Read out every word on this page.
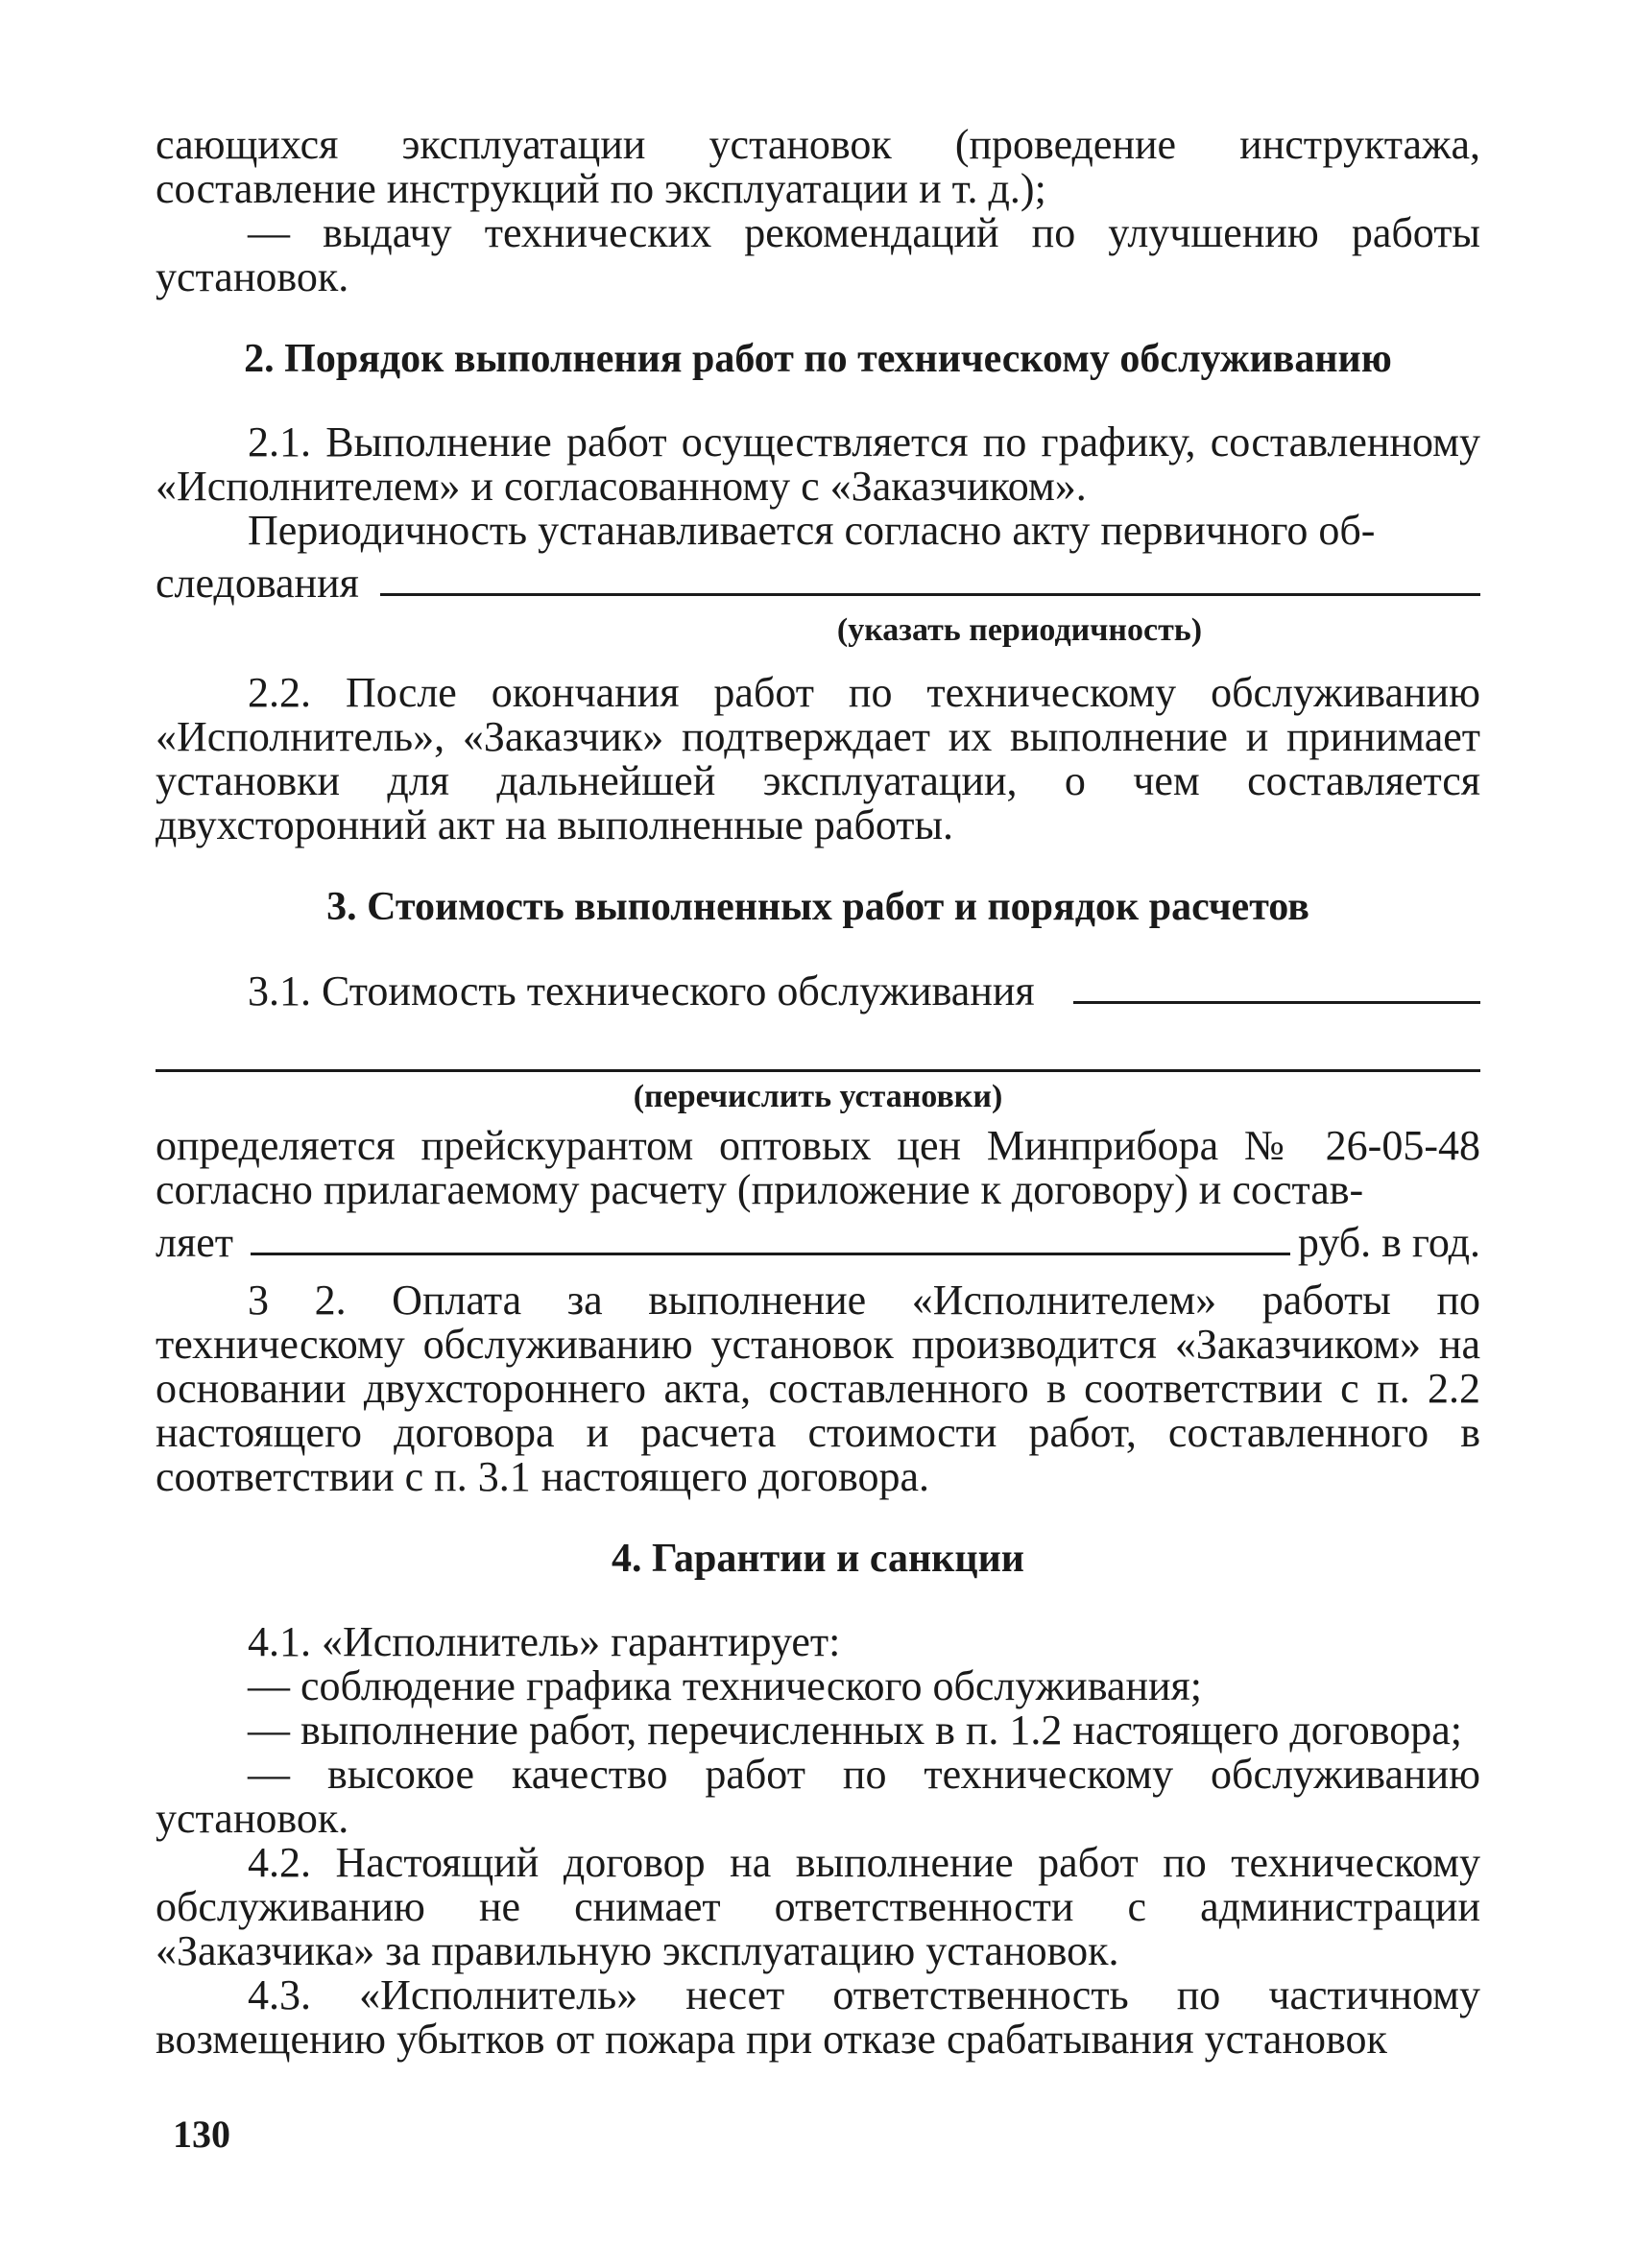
сающихся эксплуатации установок (проведение инструктажа, составление инструкций по эксплуатации и т. д.);

— выдачу технических рекомендаций по улучшению работы установок.

2. Порядок выполнения работ по техническому обслуживанию

2.1. Выполнение работ осуществляется по графику, составленному «Исполнителем» и согласованному с «Заказчиком».

Периодичность устанавливается согласно акту первичного об-

следования
(указать периодичность)

2.2. После окончания работ по техническому обслуживанию «Исполнитель», «Заказчик» подтверждает их выполнение и принимает установки для дальнейшей эксплуатации, о чем составляется двухсторонний акт на выполненные работы.

3. Стоимость выполненных работ и порядок расчетов
3.1. Стоимость технического обслуживания
(перечислить установки)

определяется прейскурантом оптовых цен Минприбора № 26-05-48 согласно прилагаемому расчету (приложение к договору) и состав-

ляет	руб. в год.

3 2. Оплата за выполнение «Исполнителем» работы по техническому обслуживанию установок производится «Заказчиком» на основании двухстороннего акта, составленного в соответствии с п. 2.2 настоящего договора и расчета стоимости работ, составленного в соответствии с п. 3.1 настоящего договора.

4. Гарантии и санкции

4.1. «Исполнитель» гарантирует:

— соблюдение графика технического обслуживания;

— выполнение работ, перечисленных в п. 1.2 настоящего договора;

— высокое качество работ по техническому обслуживанию установок.

4.2. Настоящий договор на выполнение работ по техническому обслуживанию не снимает ответственности с администрации «Заказчика» за правильную эксплуатацию установок.

4.3. «Исполнитель» несет ответственность по частичному возмещению убытков от пожара при отказе срабатывания установок

130
